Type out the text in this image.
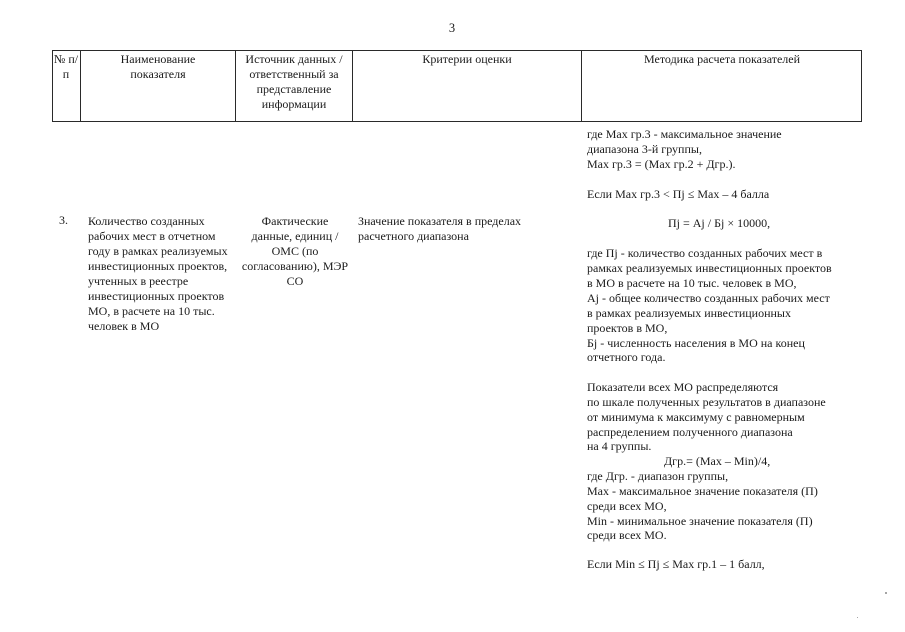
3
№ п/п
Наименование показателя
Источник данных / ответственный за представление информации
Критерии оценки	Методика расчета показателей
где Max гр.3 - максимальное значение
диапазона 3-й группы,
Max гр.3 = (Max гр.2 + Дгр.).
Если Max гр.3 < Пj ≤ Max – 4 балла
3. Количество созданных рабочих мест в отчетном году в рамках реализуемых инвестиционных проектов, учтенных в реестре инвестиционных проектов МО, в расчете на 10 тыс. человек в МО
Фактические данные, единиц / ОМС (по согласованию), МЭР СО
Значение показателя в пределах расчетного диапазона
Пj = Аj / Бj × 10000,
где Пj - количество созданных рабочих мест в
рамках реализуемых инвестиционных проектов
в МО в расчете на 10 тыс. человек в МО,
Аj - общее количество созданных рабочих мест
в рамках реализуемых инвестиционных
проектов в МО,
Бj - численность населения в МО на конец
отчетного года.
Показатели всех МО распределяются
по шкале полученных результатов в диапазоне
от минимума к максимуму с равномерным
распределением полученного диапазона
на 4 группы.
Дгр.= (Max – Min)/4,
где Дгр. - диапазон группы,
Max - максимальное значение показателя (П)
среди всех МО,
Min - минимальное значение показателя (П)
среди всех МО.
Если Min ≤ Пj ≤ Max гр.1 – 1 балл,
